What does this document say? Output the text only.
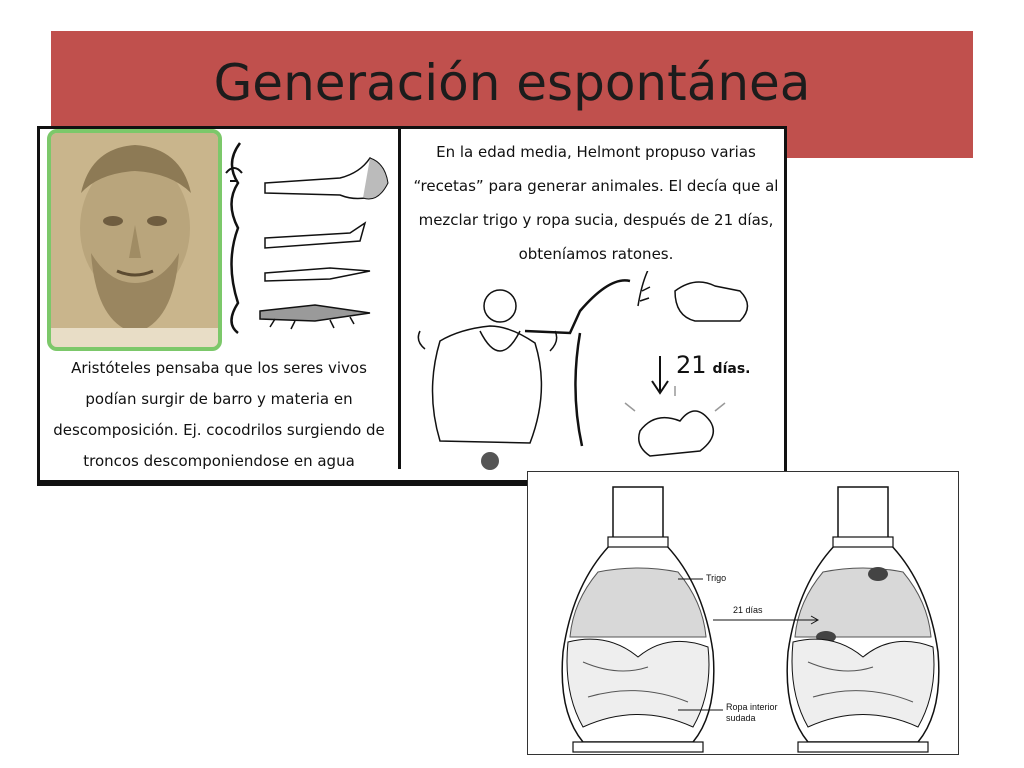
Generación espontánea
Aristóteles pensaba que los seres vivos podían surgir de barro y materia en descomposición. Ej. cocodrilos surgiendo de troncos descomponiendose en agua
En la edad media, Helmont propuso varias “recetas” para generar animales. El decía que al mezclar trigo y ropa sucia, después de 21 días, obteníamos ratones.
21 días.
Trigo
21 días
Ropa interior
sudada
